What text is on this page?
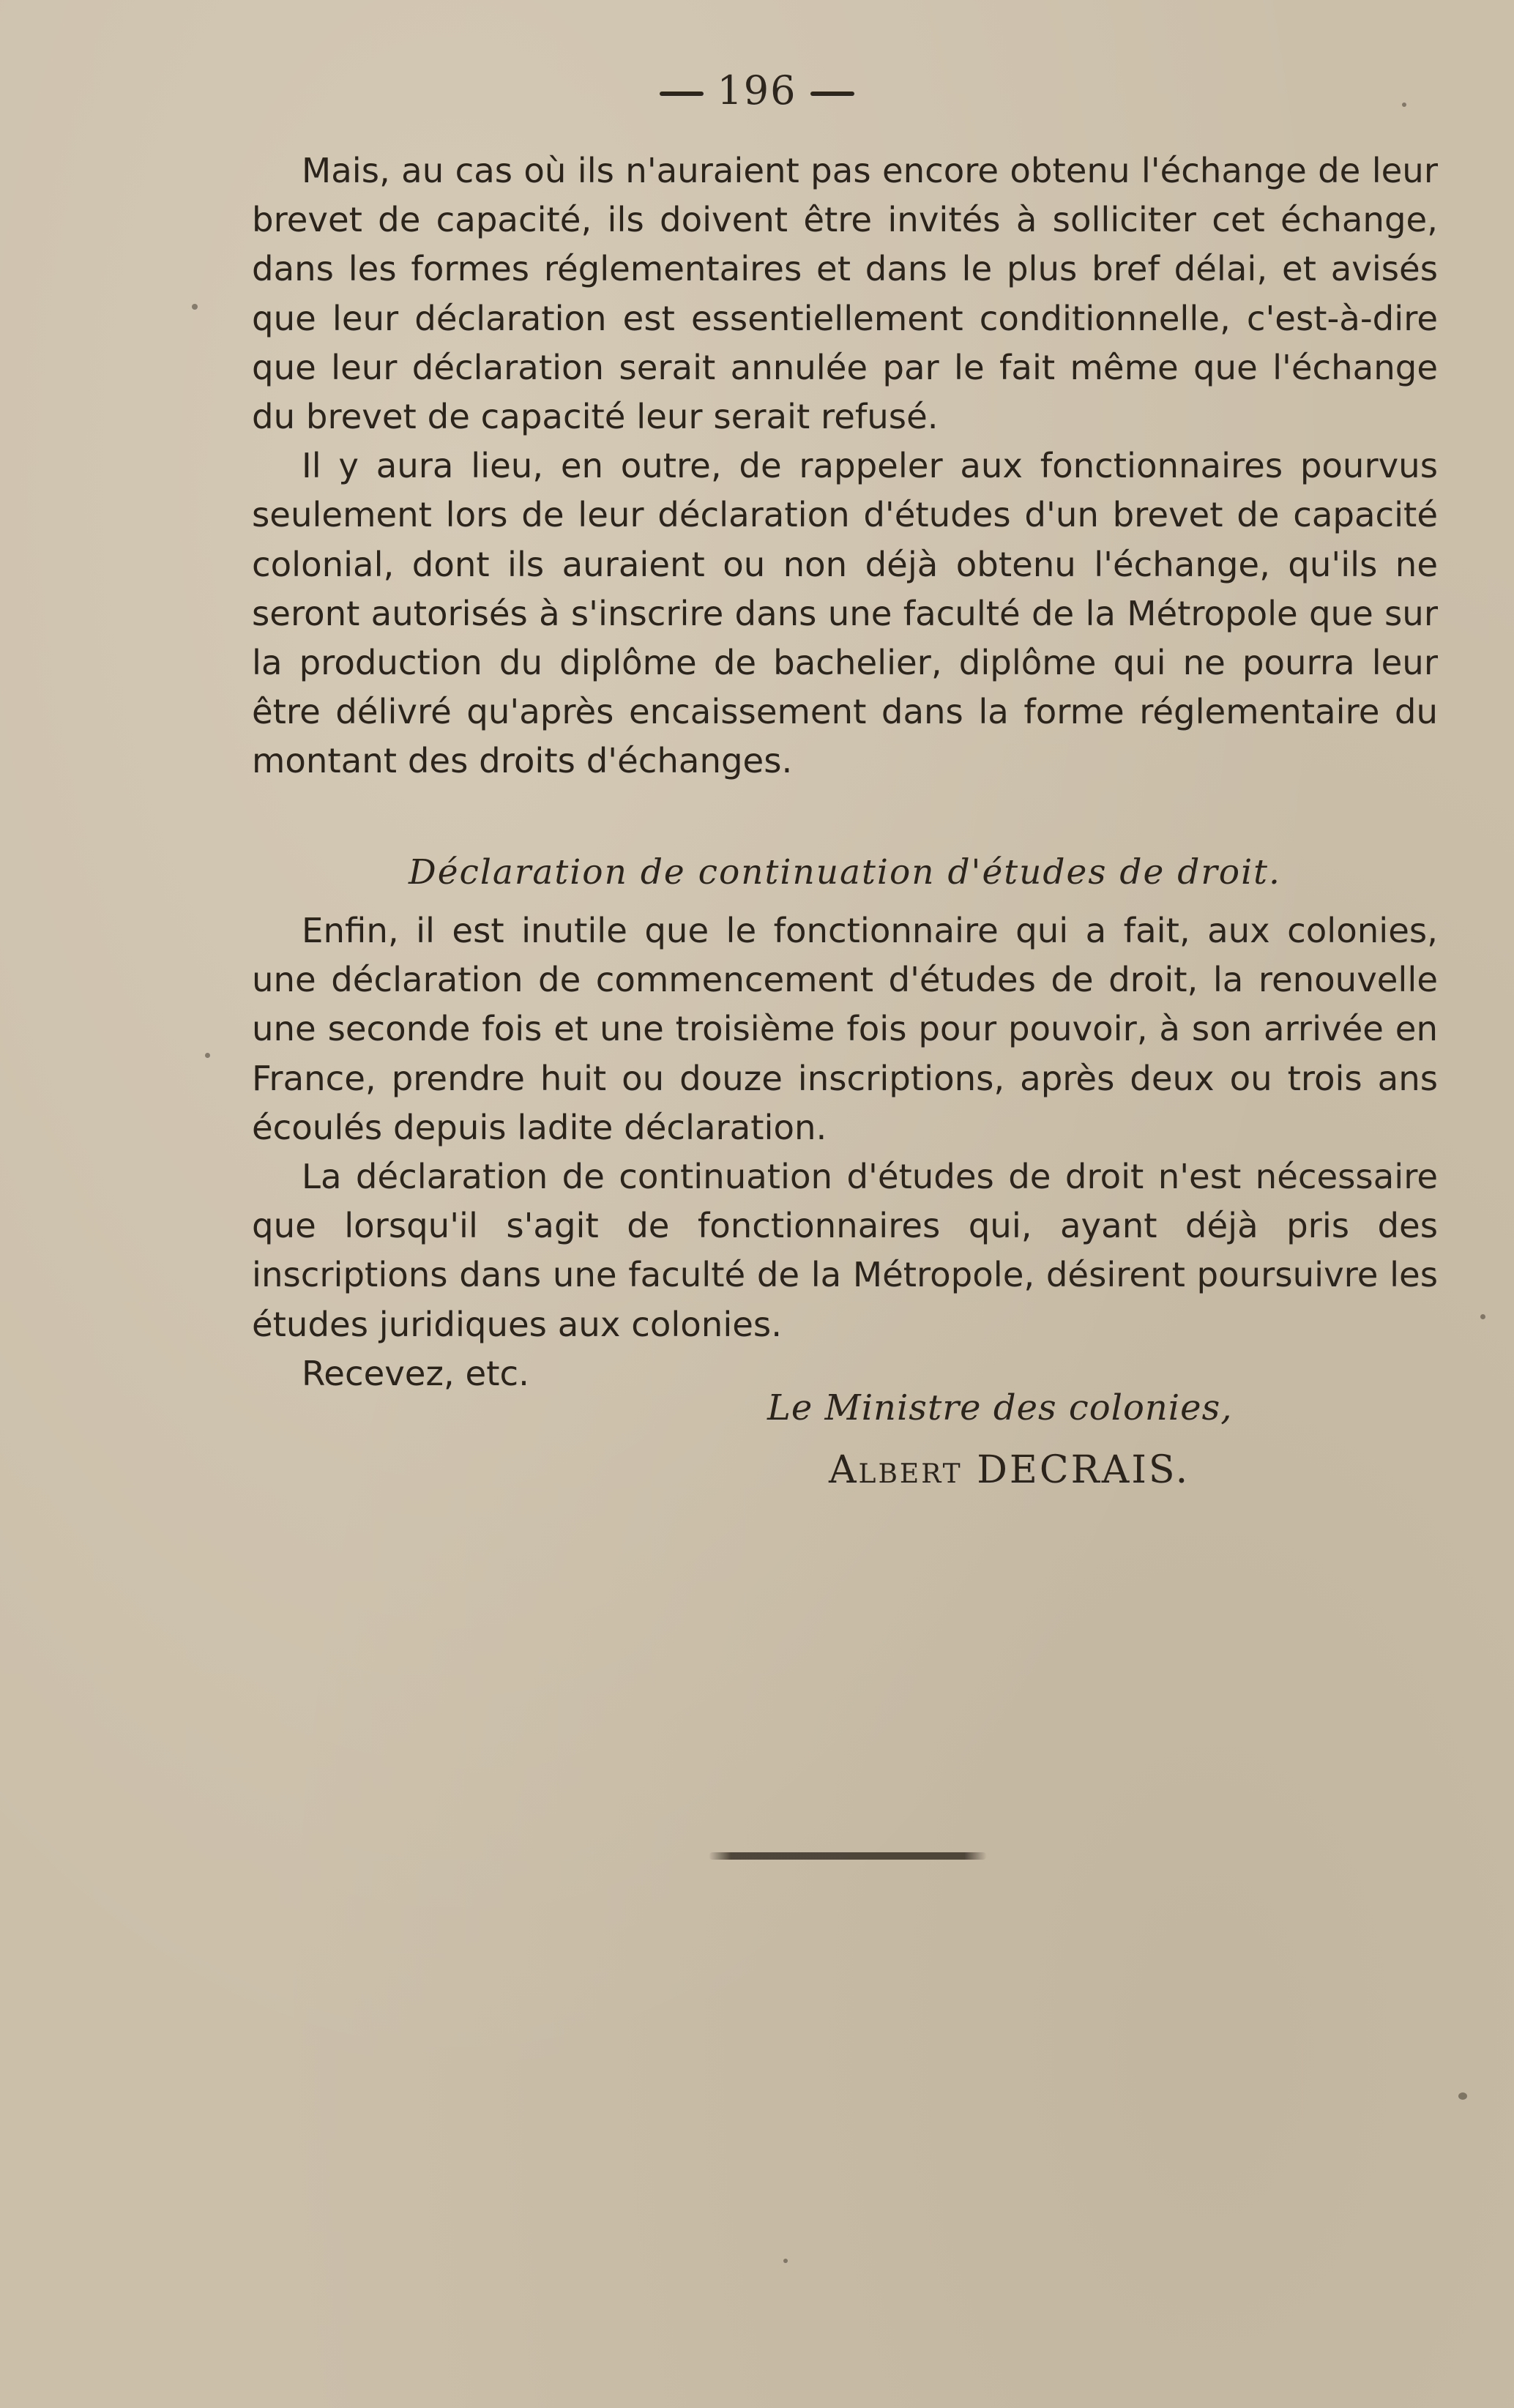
196

Mais, au cas où ils n'auraient pas encore obtenu l'échange de leur brevet de capacité, ils doivent être invités à solliciter cet échange, dans les formes réglementaires et dans le plus bref délai, et avisés que leur déclaration est essentiellement conditionnelle, c'est-à-dire que leur déclaration serait annulée par le fait même que l'échange du brevet de capacité leur serait refusé.

Il y aura lieu, en outre, de rappeler aux fonctionnaires pourvus seulement lors de leur déclaration d'études d'un brevet de capacité colonial, dont ils auraient ou non déjà obtenu l'échange, qu'ils ne seront autorisés à s'inscrire dans une faculté de la Métropole que sur la production du diplôme de bachelier, diplôme qui ne pourra leur être délivré qu'après encaissement dans la forme réglementaire du montant des droits d'échanges.

Déclaration de continuation d'études de droit.

Enfin, il est inutile que le fonctionnaire qui a fait, aux colonies, une déclaration de commencement d'études de droit, la renouvelle une seconde fois et une troisième fois pour pouvoir, à son arrivée en France, prendre huit ou douze inscriptions, après deux ou trois ans écoulés depuis ladite déclaration.

La déclaration de continuation d'études de droit n'est nécessaire que lorsqu'il s'agit de fonctionnaires qui, ayant déjà pris des inscriptions dans une faculté de la Métropole, désirent poursuivre les études juridiques aux colonies.

Recevez, etc.

Le Ministre des colonies,
Albert DECRAIS.
